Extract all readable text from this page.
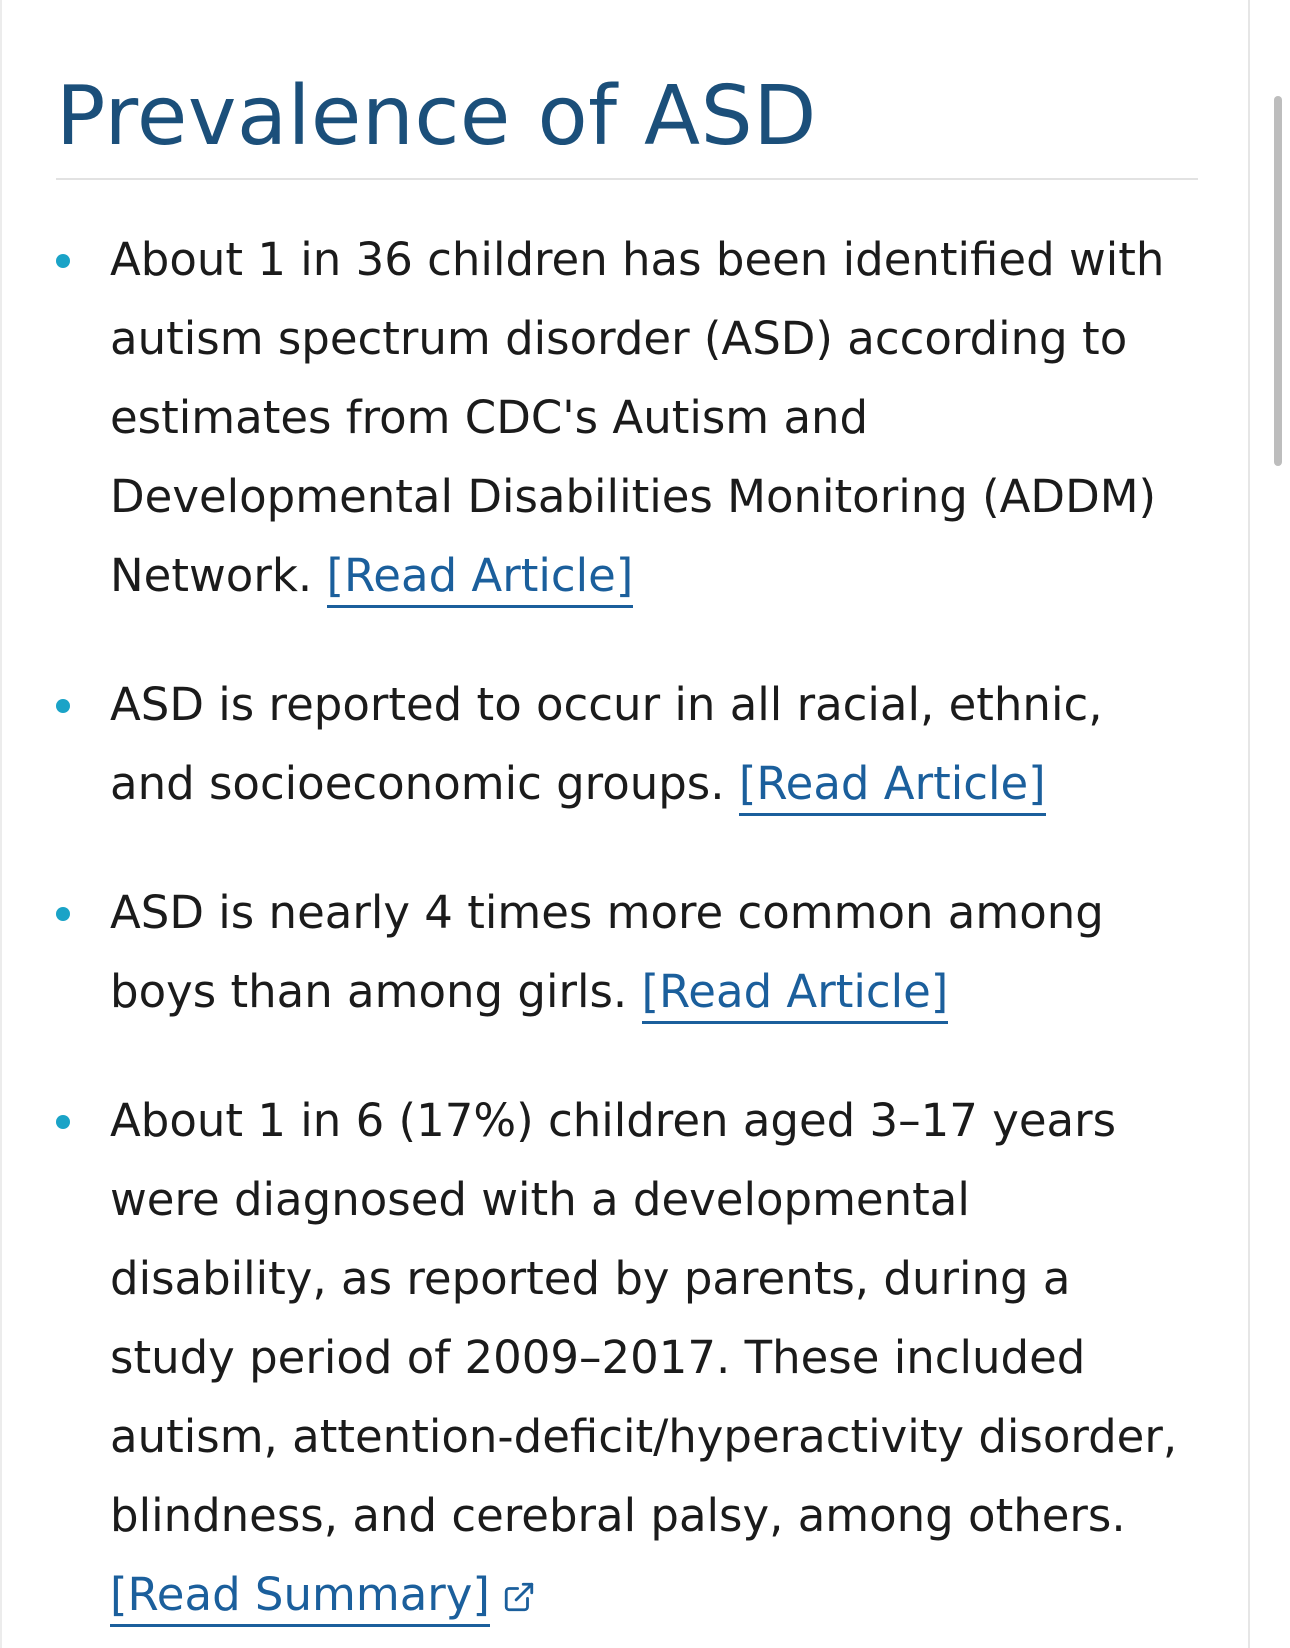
Prevalence of ASD
About 1 in 36 children has been identified with autism spectrum disorder (ASD) according to estimates from CDC's Autism and Developmental Disabilities Monitoring (ADDM) Network. [Read Article]
ASD is reported to occur in all racial, ethnic, and socioeconomic groups. [Read Article]
ASD is nearly 4 times more common among boys than among girls. [Read Article]
About 1 in 6 (17%) children aged 3–17 years were diagnosed with a developmental disability, as reported by parents, during a study period of 2009–2017. These included autism, attention-deficit/hyperactivity disorder, blindness, and cerebral palsy, among others. [Read Summary]
